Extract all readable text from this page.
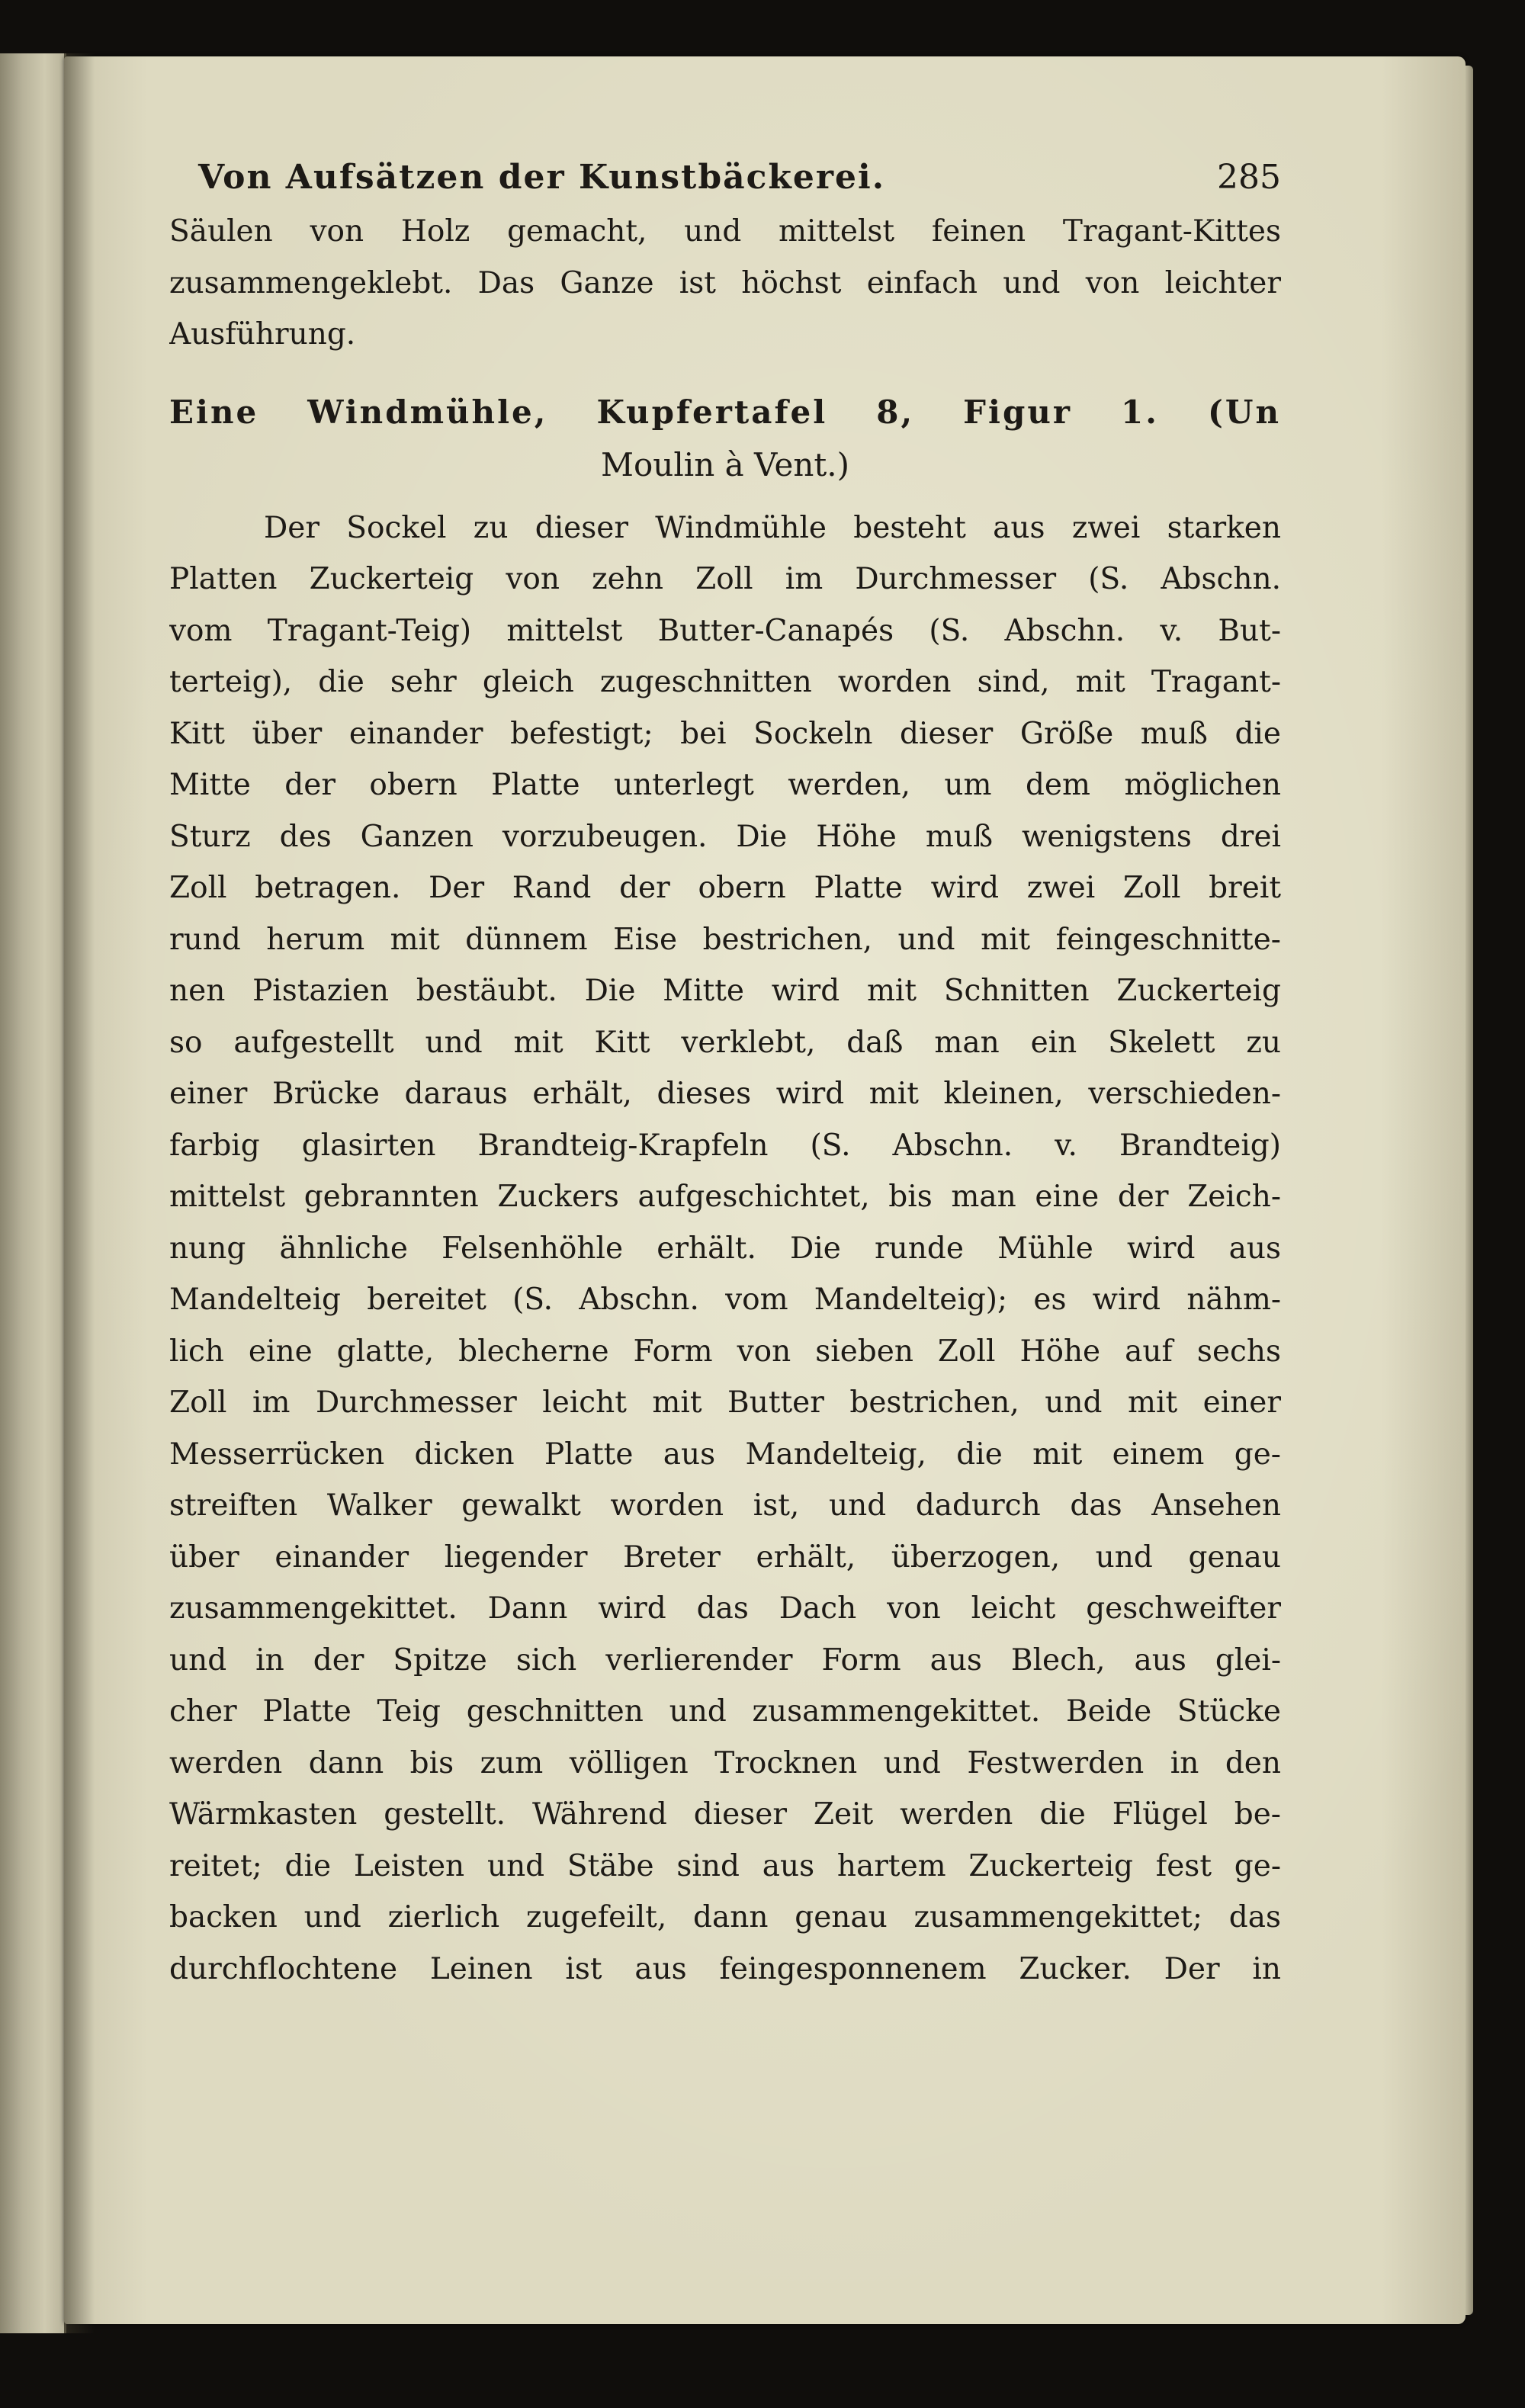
Von Aufsätzen der Kunstbäckerei.	285
Säulen von Holz gemacht, und mittelst feinen Tragant-Kittes
zusammengeklebt. Das Ganze ist höchst einfach und von leichter
Ausführung.
Eine Windmühle, Kupfertafel 8, Figur 1. (Un
Moulin à Vent.)
Der Sockel zu dieser Windmühle besteht aus zwei starken
Platten Zuckerteig von zehn Zoll im Durchmesser (S. Abschn.
vom Tragant-Teig) mittelst Butter-Canapés (S. Abschn. v. But-
terteig), die sehr gleich zugeschnitten worden sind, mit Tragant-
Kitt über einander befestigt; bei Sockeln dieser Größe muß die
Mitte der obern Platte unterlegt werden, um dem möglichen
Sturz des Ganzen vorzubeugen. Die Höhe muß wenigstens drei
Zoll betragen. Der Rand der obern Platte wird zwei Zoll breit
rund herum mit dünnem Eise bestrichen, und mit feingeschnitte-
nen Pistazien bestäubt. Die Mitte wird mit Schnitten Zuckerteig
so aufgestellt und mit Kitt verklebt, daß man ein Skelett zu
einer Brücke daraus erhält, dieses wird mit kleinen, verschieden-
farbig glasirten Brandteig-Krapfeln (S. Abschn. v. Brandteig)
mittelst gebrannten Zuckers aufgeschichtet, bis man eine der Zeich-
nung ähnliche Felsenhöhle erhält. Die runde Mühle wird aus
Mandelteig bereitet (S. Abschn. vom Mandelteig); es wird nähm-
lich eine glatte, blecherne Form von sieben Zoll Höhe auf sechs
Zoll im Durchmesser leicht mit Butter bestrichen, und mit einer
Messerrücken dicken Platte aus Mandelteig, die mit einem ge-
streiften Walker gewalkt worden ist, und dadurch das Ansehen
über einander liegender Breter erhält, überzogen, und genau
zusammengekittet. Dann wird das Dach von leicht geschweifter
und in der Spitze sich verlierender Form aus Blech, aus glei-
cher Platte Teig geschnitten und zusammengekittet. Beide Stücke
werden dann bis zum völligen Trocknen und Festwerden in den
Wärmkasten gestellt. Während dieser Zeit werden die Flügel be-
reitet; die Leisten und Stäbe sind aus hartem Zuckerteig fest ge-
backen und zierlich zugefeilt, dann genau zusammengekittet; das
durchflochtene Leinen ist aus feingesponnenem Zucker. Der in
